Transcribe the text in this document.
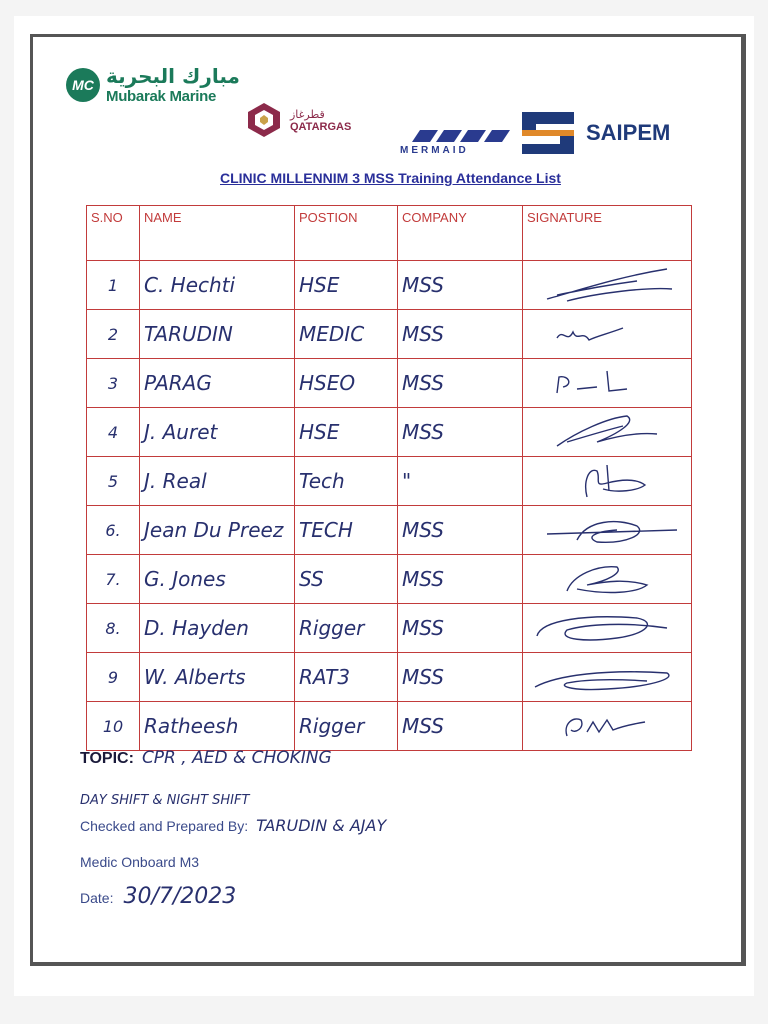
MC مبارك البحرية
Mubarak Marine
قطرغاز
QATARGAS
MERMAID
SAIPEM
CLINIC MILLENNIM 3 MSS Training Attendance List
S.NO	NAME	POSTION	COMPANY	SIGNATURE
1	C. Hechti	HSE	MSS	

2	TARUDIN	MEDIC	MSS	

3	PARAG	HSEO	MSS	

4	J. Auret	HSE	MSS	

5	J. Real	Tech	"	

6.	Jean Du Preez	TECH	MSS	

7.	G. Jones	SS	MSS	

8.	D. Hayden	Rigger	MSS	

9	W. Alberts	RAT3	MSS	

10	Ratheesh	Rigger	MSS	
TOPIC: CPR , AED & CHOKING
DAY SHIFT & NIGHT SHIFT
Checked and Prepared By: TARUDIN & AJAY
Medic Onboard M3
Date: 30/7/2023
